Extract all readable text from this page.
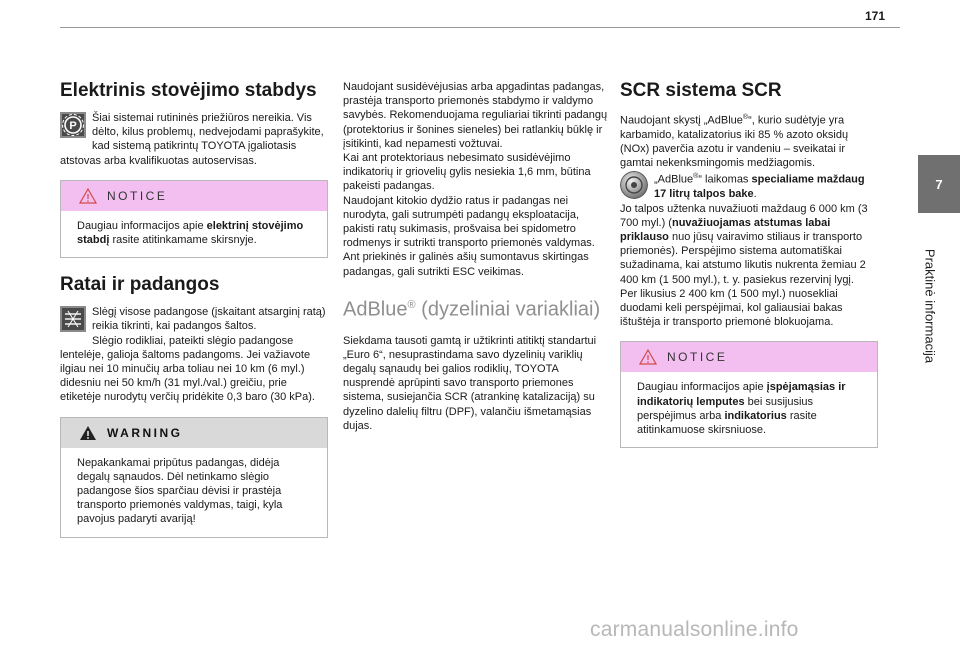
171
7
Praktinė informacija
Elektrinis stovėjimo stabdys
P

Šiai sistemai rutininės priežiūros nereikia. Vis dėlto, kilus problemų, nedvejodami paprašykite, kad sistemą patikrintų TOYOTA įgaliotasis atstovas arba kvalifikuotas autoservisas.

NOTICE
Daugiau informacijos apie elektrinį stovėjimo stabdį rasite atitinkamame skirsnyje.
Ratai ir padangos

Slėgį visose padangose (įskaitant atsarginį ratą) reikia tikrinti, kai padangos šaltos.

Slėgio rodikliai, pateikti slėgio padangose lentelėje, galioja šaltoms padangoms. Jei važiavote ilgiau nei 10 minučių arba toliau nei 10 km (6 myl.) didesniu nei 50 km/h (31 myl./val.) greičiu, prie etiketėje nurodytų verčių pridėkite 0,3 baro (30 kPa).

WARNING
Nepakankamai pripūtus padangas, didėja degalų sąnaudos. Dėl netinkamo slėgio padangose šios sparčiau dėvisi ir prastėja transporto priemonės valdymas, taigi, kyla pavojus padaryti avariją!

Naudojant susidėvėjusias arba apgadintas padangas, prastėja transporto priemonės stabdymo ir valdymo savybės. Rekomenduojama reguliariai tikrinti padangų (protektorius ir šonines sieneles) bei ratlankių būklę ir įsitikinti, kad nepamesti vožtuvai.

Kai ant protektoriaus nebesimato susidėvėjimo indikatorių ir griovelių gylis nesiekia 1,6 mm, būtina pakeisti padangas.

Naudojant kitokio dydžio ratus ir padangas nei nurodyta, gali sutrumpėti padangų eksploatacija, pakisti ratų sukimasis, prošvaisa bei spidometro rodmenys ir sutrikti transporto priemonės valdymas.

Ant priekinės ir galinės ašių sumontavus skirtingas padangas, gali sutrikti ESC veikimas.

AdBlue® (dyzeliniai variakliai)

Siekdama tausoti gamtą ir užtikrinti atitiktį standartui „Euro 6“, nesuprastindama savo dyzelinių variklių degalų sąnaudų bei galios rodiklių, TOYOTA nusprendė aprūpinti savo transporto priemones sistema, susiejančia SCR (atrankinę katalizaciją) su dyzelino dalelių filtru (DPF), valančiu išmetamąsias dujas.

SCR sistema SCR

Naudojant skystį „AdBlue®“, kurio sudėtyje yra karbamido, katalizatorius iki 85 % azoto oksidų (NOx) paverčia azotu ir vandeniu – sveikatai ir gamtai nekenksmingomis medžiagomis.

„AdBlue®“ laikomas specialiame maždaug 17 litrų talpos bake.

Jo talpos užtenka nuvažiuoti maždaug 6 000 km (3 700 myl.) (nuvažiuojamas atstumas labai priklauso nuo jūsų vairavimo stiliaus ir transporto priemonės). Perspėjimo sistema automatiškai sužadinama, kai atstumo likutis nukrenta žemiau 2 400 km (1 500 myl.), t. y. pasiekus rezervinį lygį.

Per likusius 2 400 km (1 500 myl.) nuosekliai duodami keli perspėjimai, kol galiausiai bakas ištuštėja ir transporto priemonė blokuojama.

NOTICE
Daugiau informacijos apie įspėjamąsias ir indikatorių lemputes bei susijusius perspėjimus arba indikatorius rasite atitinkamuose skirsniuose.
carmanualsonline.info
